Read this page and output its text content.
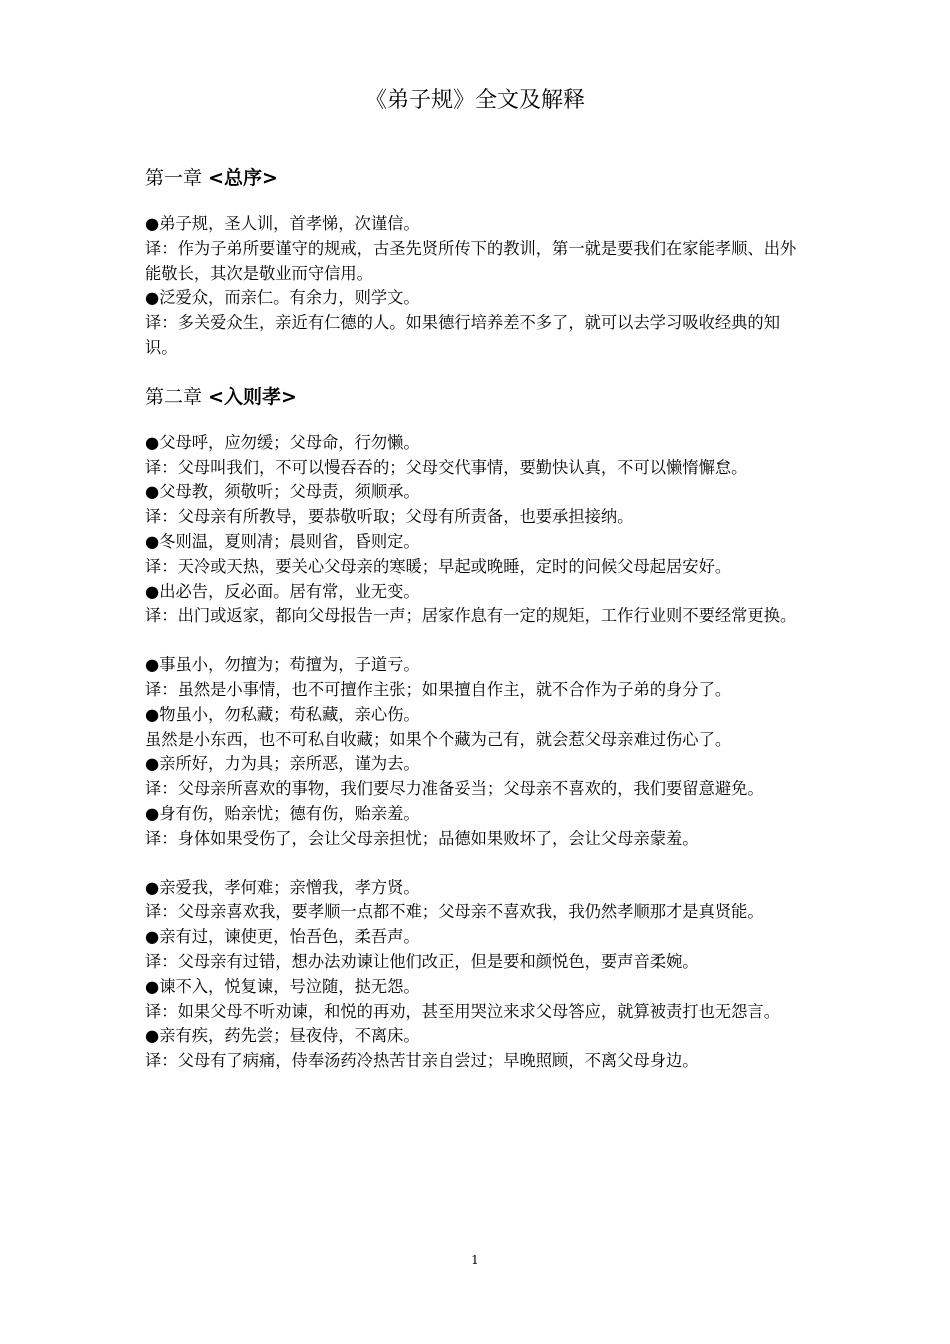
《弟子规》全文及解释
第一章 <总序>

●弟子规，圣人训，首孝悌，次谨信。

译：作为子弟所要谨守的规戒，古圣先贤所传下的教训，第一就是要我们在家能孝顺、出外能敬长，其次是敬业而守信用。

●泛爱众，而亲仁。有余力，则学文。

译：多关爱众生，亲近有仁德的人。如果德行培养差不多了，就可以去学习吸收经典的知识。

第二章 <入则孝>

●父母呼，应勿缓；父母命，行勿懒。

译：父母叫我们，不可以慢吞吞的；父母交代事情，要勤快认真，不可以懒惰懈怠。

●父母教，须敬听；父母责，须顺承。

译：父母亲有所教导，要恭敬听取；父母有所责备，也要承担接纳。

●冬则温，夏则凊；晨则省，昏则定。

译：天冷或天热，要关心父母亲的寒暖；早起或晚睡，定时的问候父母起居安好。

●出必告，反必面。居有常，业无变。

译：出门或返家，都向父母报告一声；居家作息有一定的规矩，工作行业则不要经常更换。

●事虽小，勿擅为；苟擅为，子道亏。

译：虽然是小事情，也不可擅作主张；如果擅自作主，就不合作为子弟的身分了。

●物虽小，勿私藏；苟私藏，亲心伤。

虽然是小东西，也不可私自收藏；如果个个藏为己有，就会惹父母亲难过伤心了。

●亲所好，力为具；亲所恶，谨为去。

译：父母亲所喜欢的事物，我们要尽力准备妥当；父母亲不喜欢的，我们要留意避免。

●身有伤，贻亲忧；德有伤，贻亲羞。

译：身体如果受伤了，会让父母亲担忧；品德如果败坏了，会让父母亲蒙羞。

●亲爱我，孝何难；亲憎我，孝方贤。

译：父母亲喜欢我，要孝顺一点都不难；父母亲不喜欢我，我仍然孝顺那才是真贤能。

●亲有过，谏使更，怡吾色，柔吾声。

译：父母亲有过错，想办法劝谏让他们改正，但是要和颜悦色，要声音柔婉。

●谏不入，悦复谏，号泣随，挞无怨。

译：如果父母不听劝谏，和悦的再劝，甚至用哭泣来求父母答应，就算被责打也无怨言。

●亲有疾，药先尝；昼夜侍，不离床。

译：父母有了病痛，侍奉汤药冷热苦甘亲自尝过；早晚照顾，不离父母身边。

1
